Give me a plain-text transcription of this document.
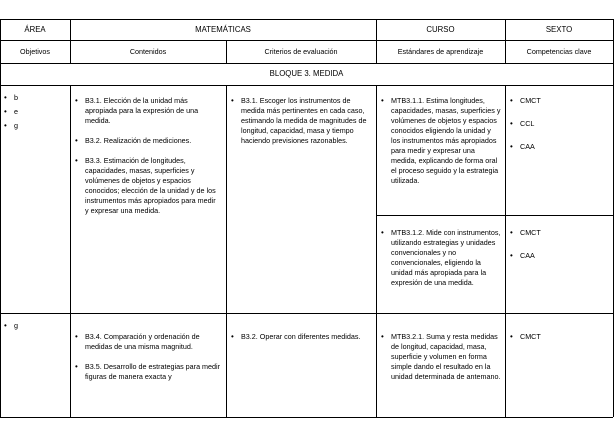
ÁREA	MATEMÁTICAS	CURSO	SEXTO
Objetivos	Contenidos	Criterios de evaluación	Estándares de aprendizaje	Competencias clave
BLOQUE 3. MEDIDA
• b
• e
• g
• B3.1. Elección de la unidad más apropiada para la expresión de una medida.
• B3.2. Realización de mediciones.
• B3.3. Estimación de longitudes, capacidades, masas, superficies y volúmenes de objetos y espacios conocidos; elección de la unidad y de los instrumentos más apropiados para medir y expresar una medida.
• B3.1. Escoger los instrumentos de medida más pertinentes en cada caso, estimando la medida de magnitudes de longitud, capacidad, masa y tiempo haciendo previsiones razonables.
• MTB3.1.1. Estima longitudes, capacidades, masas, superficies y volúmenes de objetos y espacios conocidos eligiendo la unidad y los instrumentos más apropiados para medir y expresar una medida, explicando de forma oral el proceso seguido y la estrategia utilizada.
• CMCT
• CCL
• CAA
• MTB3.1.2. Mide con instrumentos, utilizando estrategias y unidades convencionales y no convencionales, eligiendo la unidad más apropiada para la expresión de una medida.
• CMCT
• CAA
• g
• B3.4. Comparación y ordenación de medidas de una misma magnitud.
• B3.5. Desarrollo de estrategias para medir figuras de manera exacta y
• B3.2. Operar con diferentes medidas.
•	MTB3.2.1. Suma y resta medidas de longitud, capacidad, masa, superficie y volumen en forma simple dando el resultado en la unidad determinada de antemano.
• CMCT
